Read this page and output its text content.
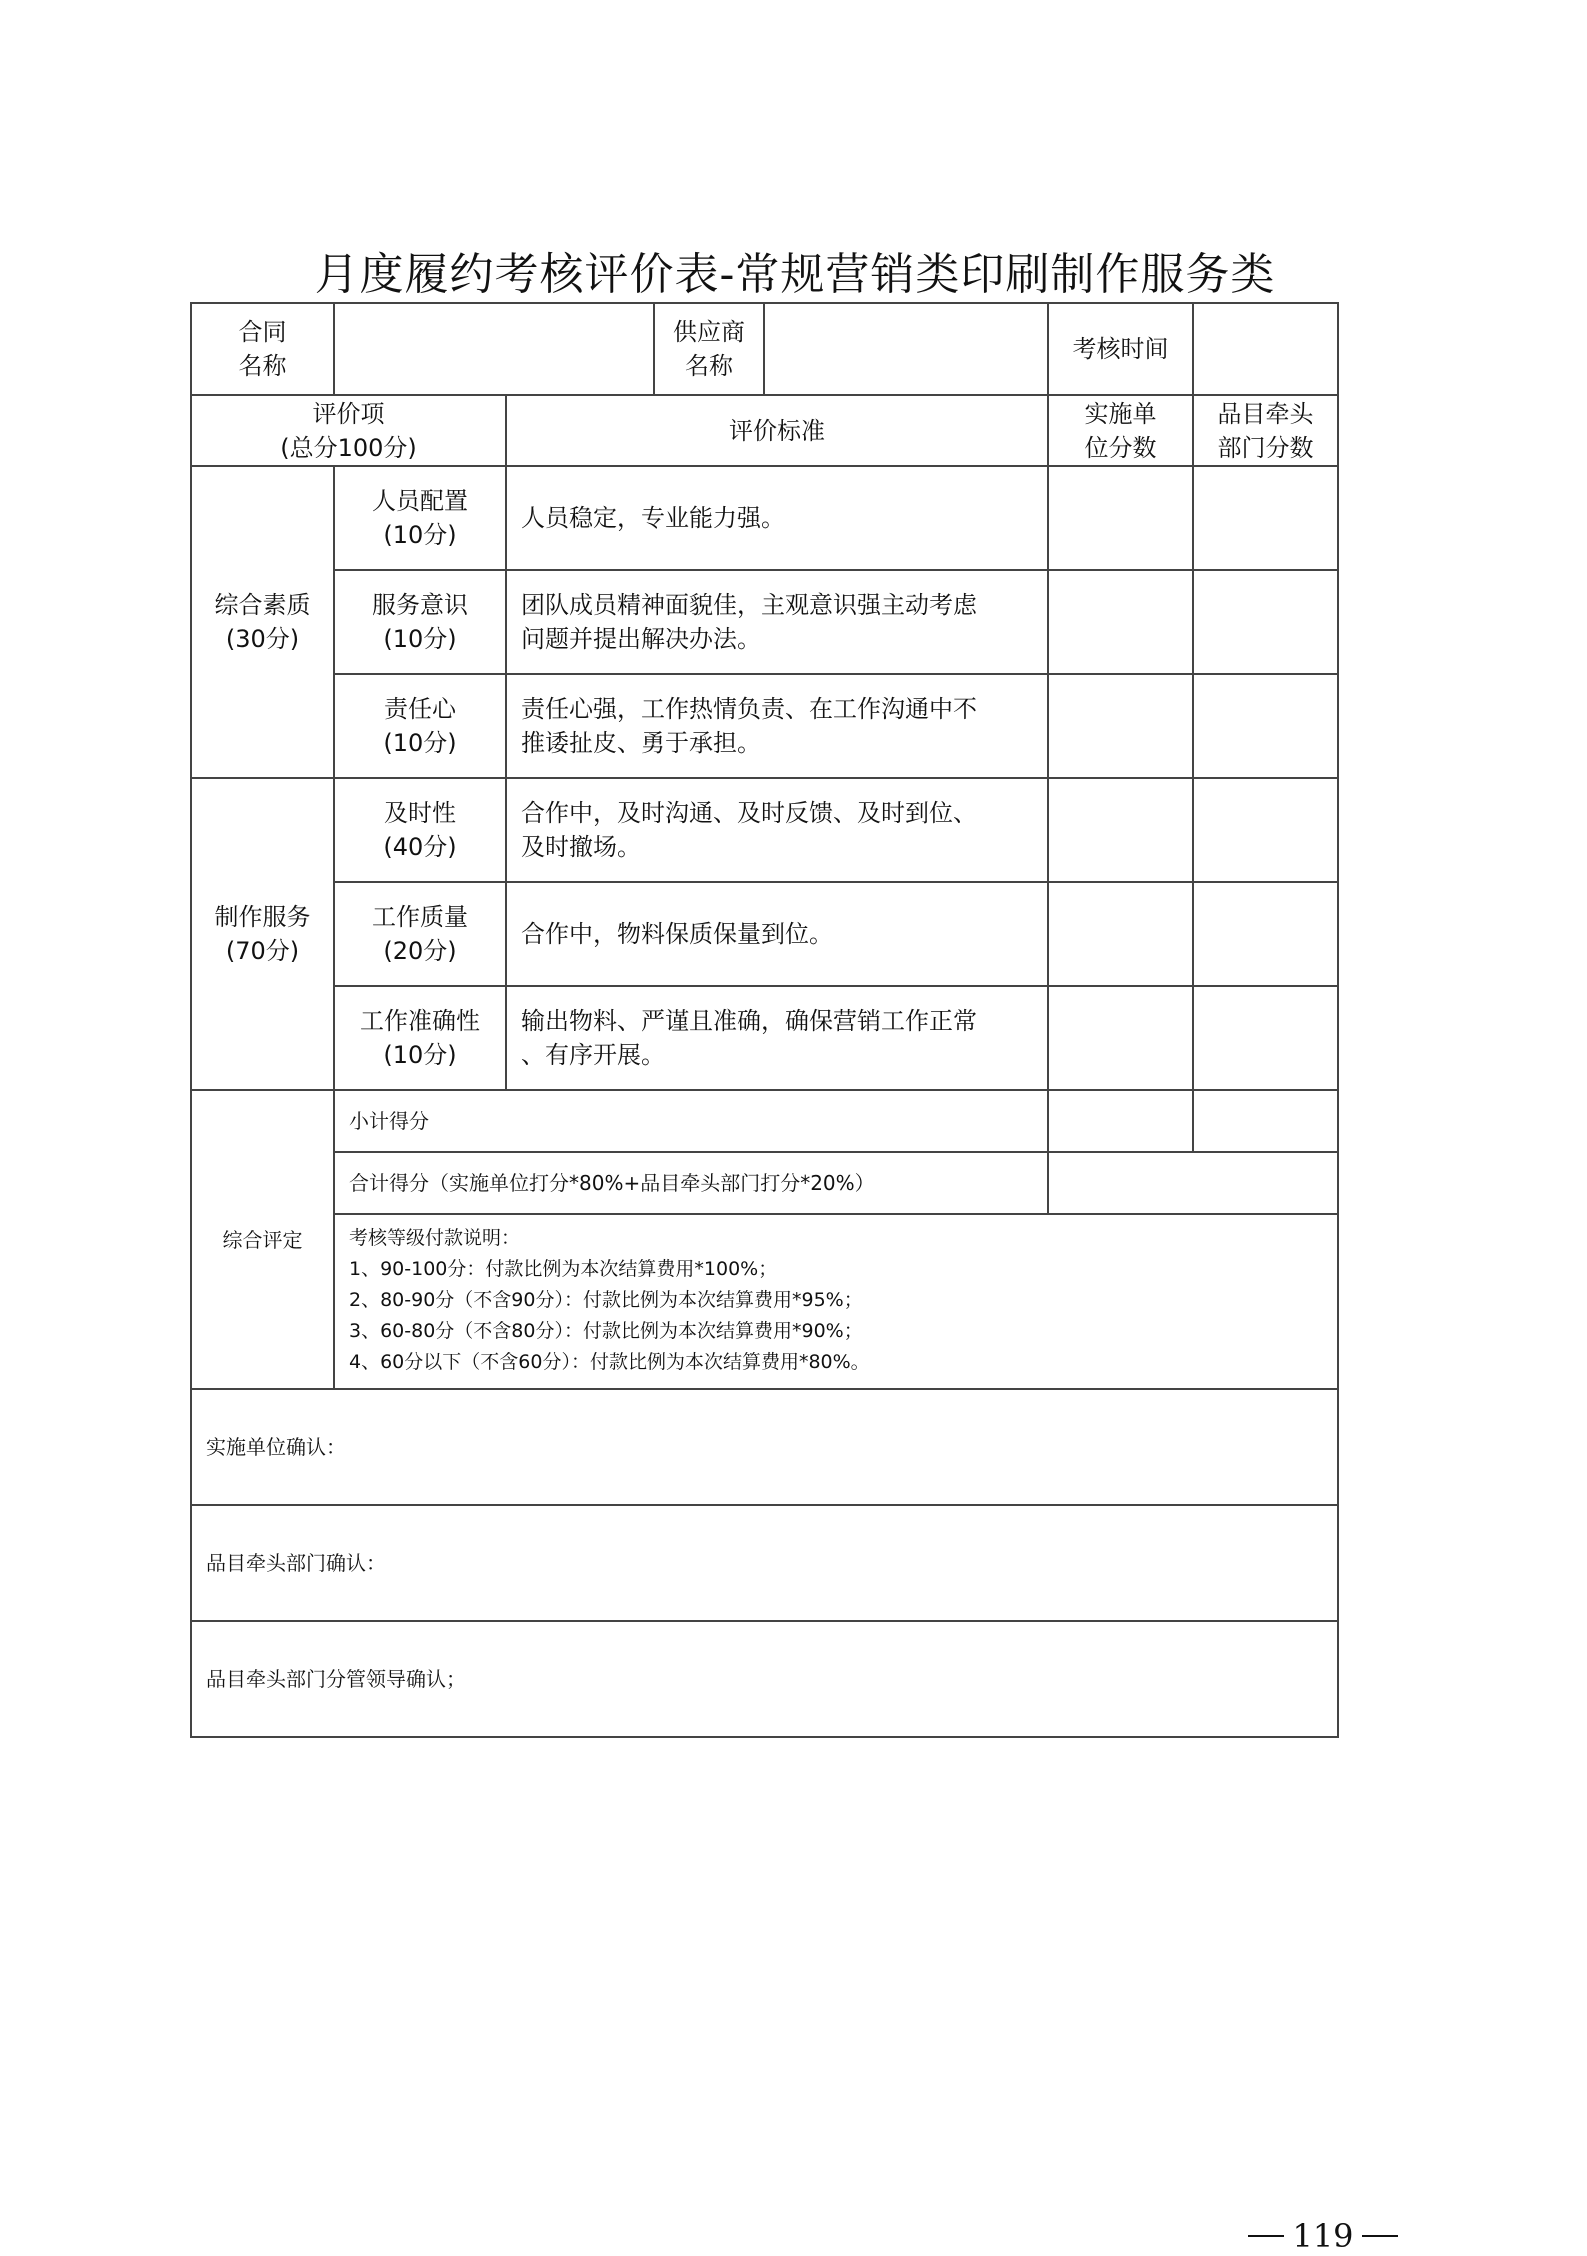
月度履约考核评价表-常规营销类印刷制作服务类
合同
名称
供应商
名称
考核时间
评价项
(总分100分)
评价标准
实施单
位分数
品目牵头
部门分数
综合素质
(30分)
人员配置
(10分)
人员稳定，专业能力强。
服务意识
(10分)
团队成员精神面貌佳，主观意识强主动考虑
问题并提出解决办法。
责任心
(10分)
责任心强，工作热情负责、在工作沟通中不
推诿扯皮、勇于承担。
制作服务
(70分)
及时性
(40分)
合作中，及时沟通、及时反馈、及时到位、
及时撤场。
工作质量
(20分)
合作中，物料保质保量到位。
工作准确性
(10分)
输出物料、严谨且准确，确保营销工作正常
、有序开展。
综合评定
小计得分
合计得分（实施单位打分*80%+品目牵头部门打分*20%）
考核等级付款说明：
1、90-100分：付款比例为本次结算费用*100%；
2、80-90分（不含90分）：付款比例为本次结算费用*95%；
3、60-80分（不含80分）：付款比例为本次结算费用*90%；
4、60分以下（不含60分）：付款比例为本次结算费用*80%。
实施单位确认：
品目牵头部门确认：
品目牵头部门分管领导确认；
119
